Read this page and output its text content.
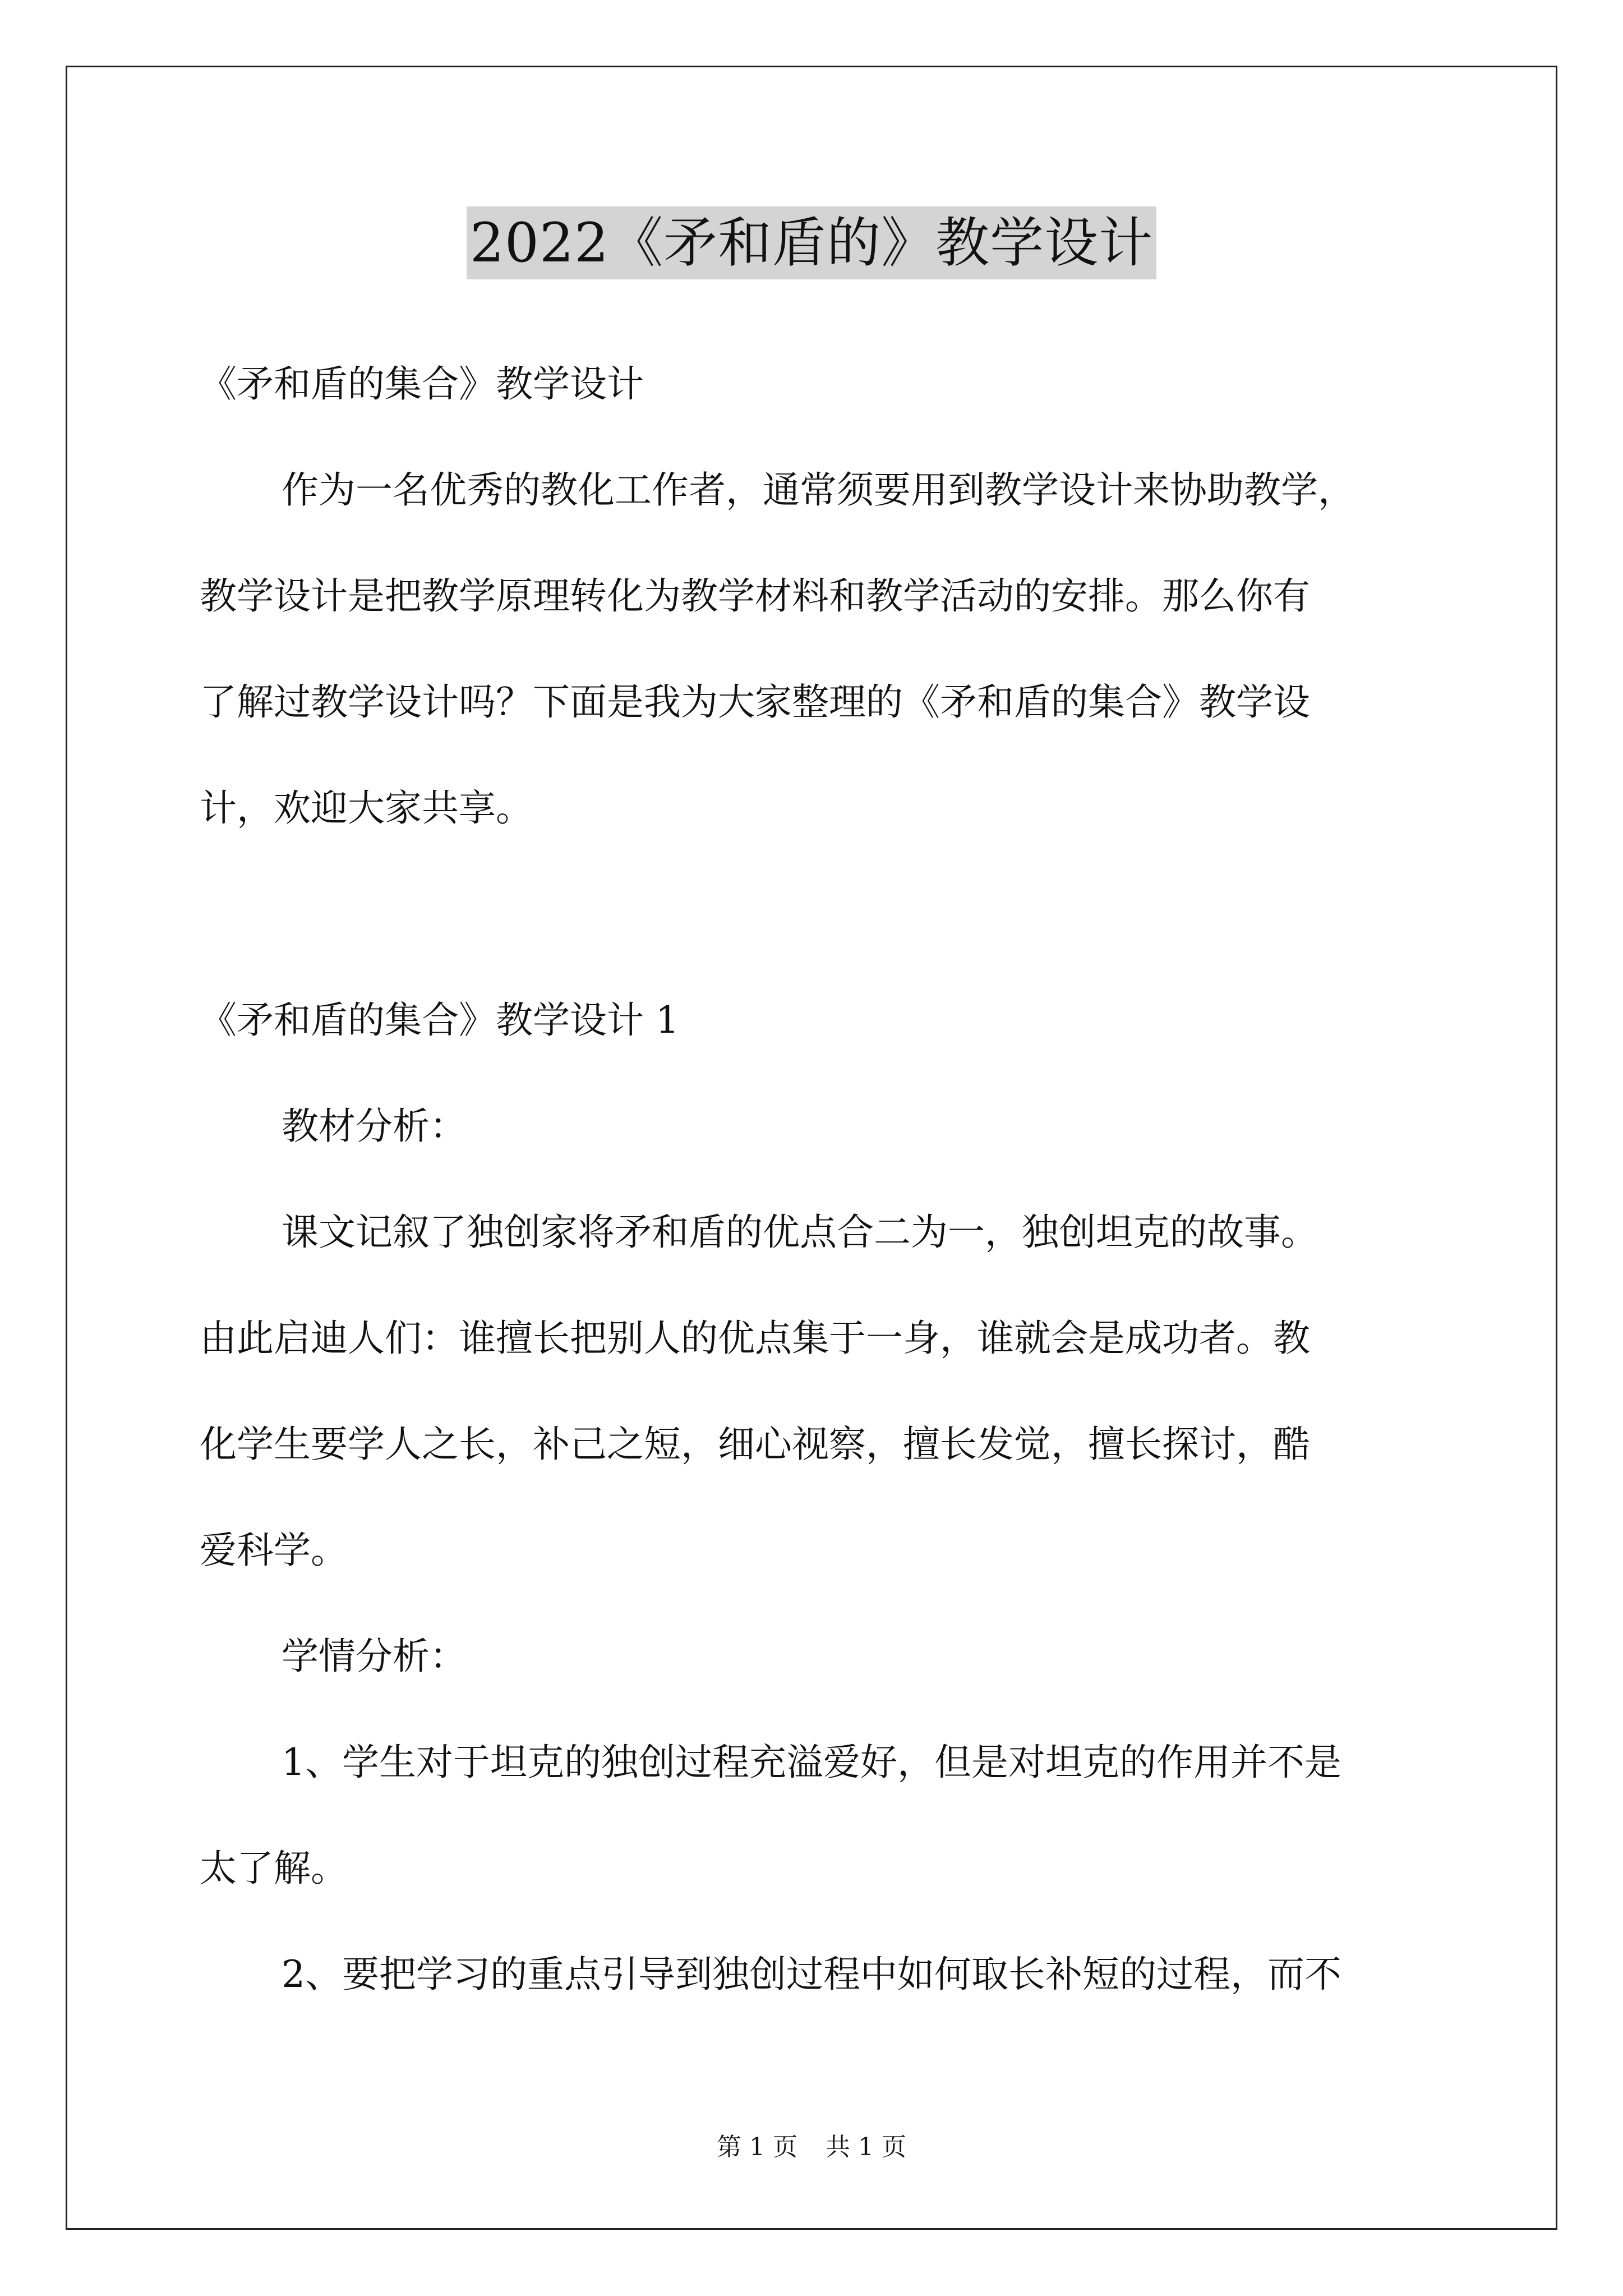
2022《矛和盾的》教学设计

《矛和盾的集合》教学设计

作为一名优秀的教化工作者，通常须要用到教学设计来协助教学，

教学设计是把教学原理转化为教学材料和教学活动的安排。那么你有

了解过教学设计吗？下面是我为大家整理的《矛和盾的集合》教学设

计，欢迎大家共享。

《矛和盾的集合》教学设计 1

教材分析：

课文记叙了独创家将矛和盾的优点合二为一，独创坦克的故事。

由此启迪人们：谁擅长把别人的优点集于一身，谁就会是成功者。教

化学生要学人之长，补己之短，细心视察，擅长发觉，擅长探讨，酷

爱科学。

学情分析：

1、学生对于坦克的独创过程充溢爱好，但是对坦克的作用并不是

太了解。

2、要把学习的重点引导到独创过程中如何取长补短的过程，而不

第 1 页 共 1 页
